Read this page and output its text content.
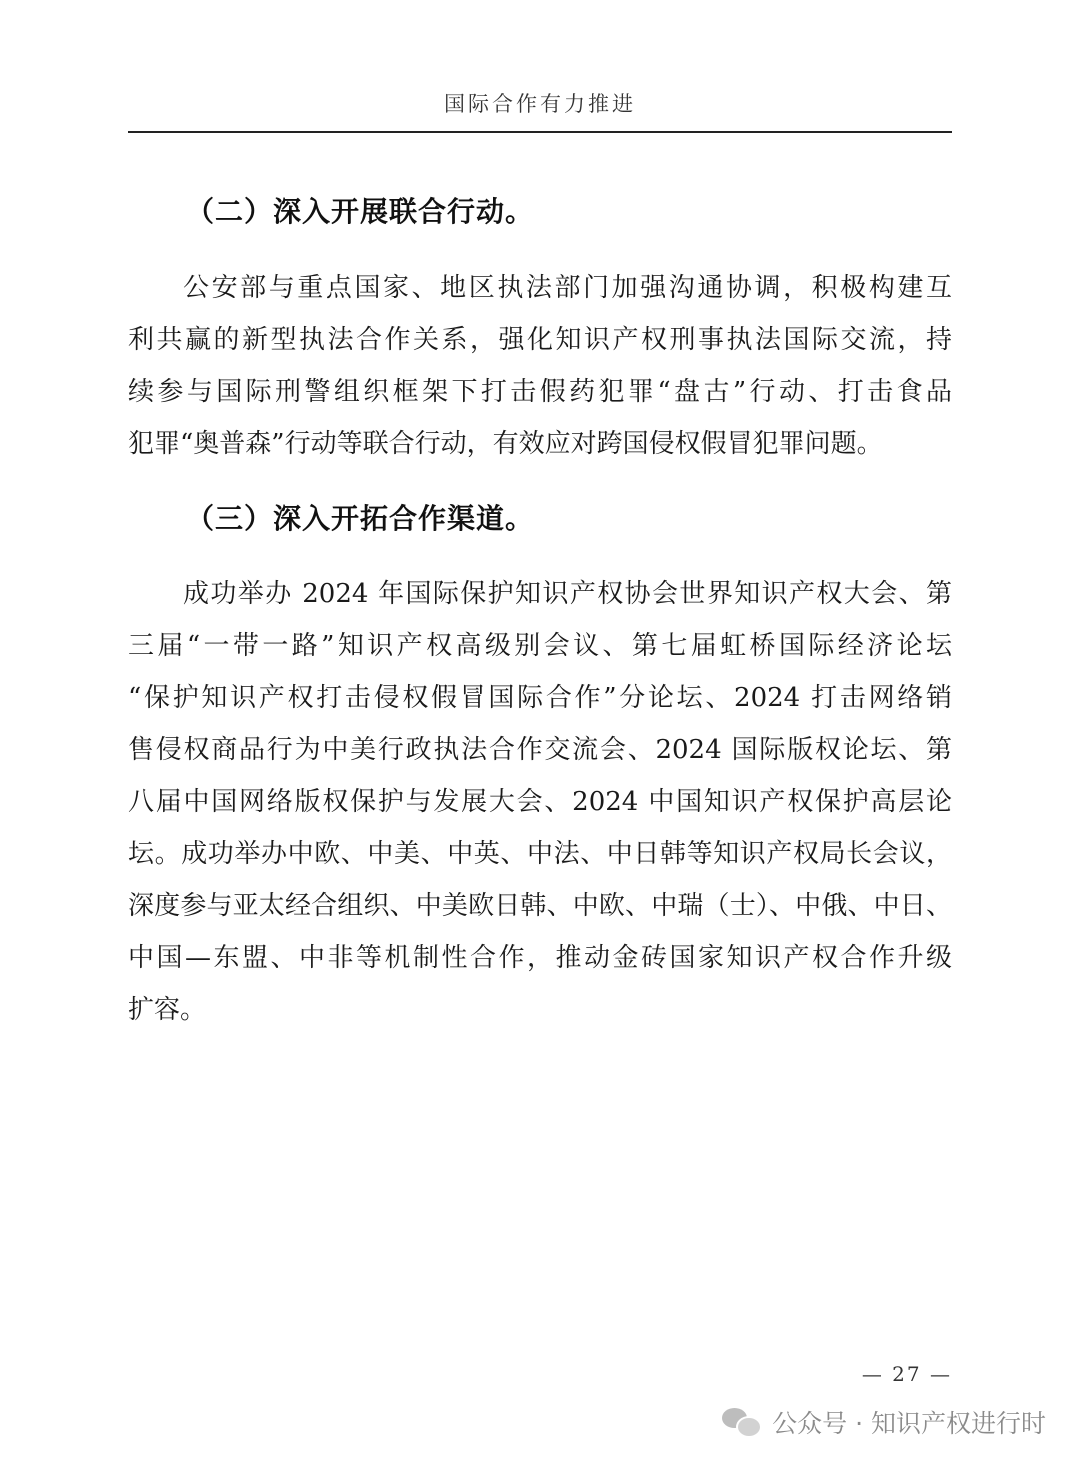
国际合作有力推进
（二）深入开展联合行动。
公安部与重点国家、地区执法部门加强沟通协调，积极构建互
利共赢的新型执法合作关系，强化知识产权刑事执法国际交流，持
续参与国际刑警组织框架下打击假药犯罪“盘古”行动、打击食品
犯罪“奥普森”行动等联合行动，有效应对跨国侵权假冒犯罪问题。
（三）深入开拓合作渠道。
成功举办 2024 年国际保护知识产权协会世界知识产权大会、第
三届“一带一路”知识产权高级别会议、第七届虹桥国际经济论坛
“保护知识产权打击侵权假冒国际合作”分论坛、2024 打击网络销
售侵权商品行为中美行政执法合作交流会、2024 国际版权论坛、第
八届中国网络版权保护与发展大会、2024 中国知识产权保护高层论
坛。成功举办中欧、中美、中英、中法、中日韩等知识产权局长会议，
深度参与亚太经合组织、中美欧日韩、中欧、中瑞（士）、中俄、中日、
中国—东盟、中非等机制性合作，推动金砖国家知识产权合作升级
扩容。
— 27 —
公众号 · 知识产权进行时
